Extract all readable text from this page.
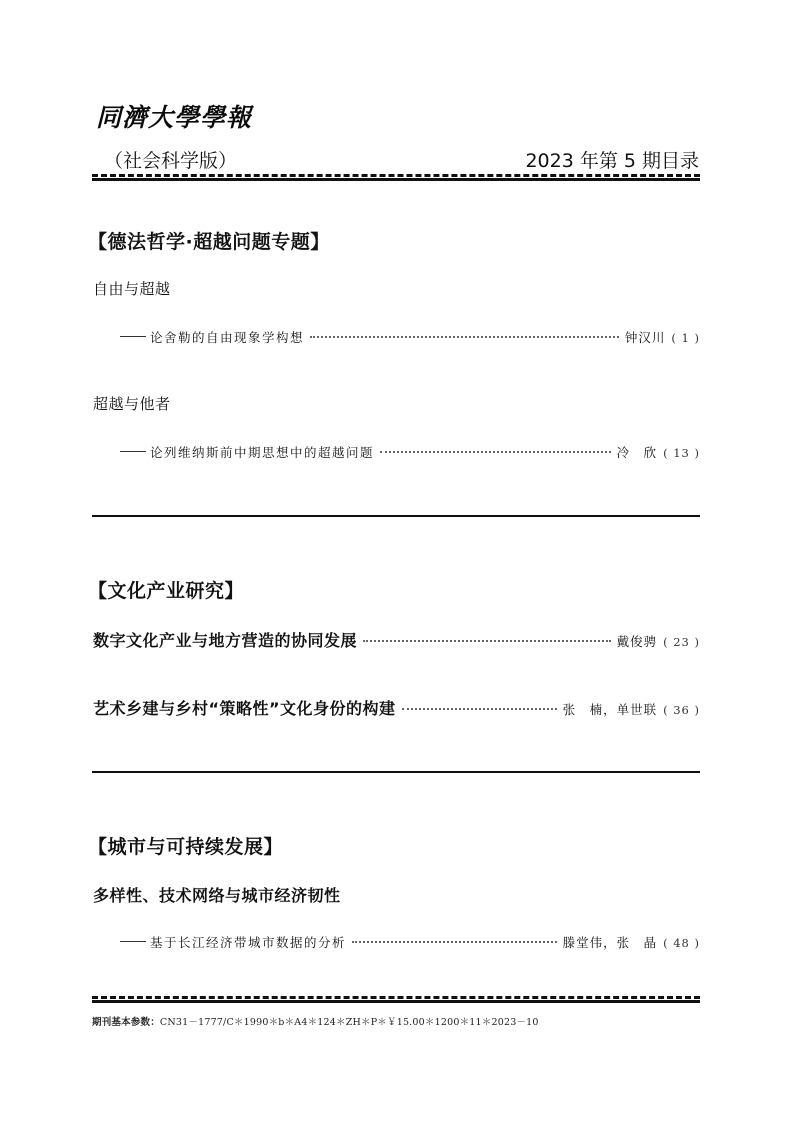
同濟大學學報
（社会科学版）	2023 年第 5 期目录
【德法哲学·超越问题专题】
自由与超越
论舍勒的自由现象学构想	钟汉川 ( 1 )
超越与他者
论列维纳斯前中期思想中的超越问题	冷　欣 ( 13 )
【文化产业研究】
数字文化产业与地方营造的协同发展	戴俊骋 ( 23 )
艺术乡建与乡村“策略性”文化身份的构建	张　楠，单世联 ( 36 )
【城市与可持续发展】
多样性、技术网络与城市经济韧性
基于长江经济带城市数据的分析	滕堂伟，张　晶 ( 48 )
期刊基本参数：CN31－1777/C＊1990＊b＊A4＊124＊ZH＊P＊￥15.00＊1200＊11＊2023－10
